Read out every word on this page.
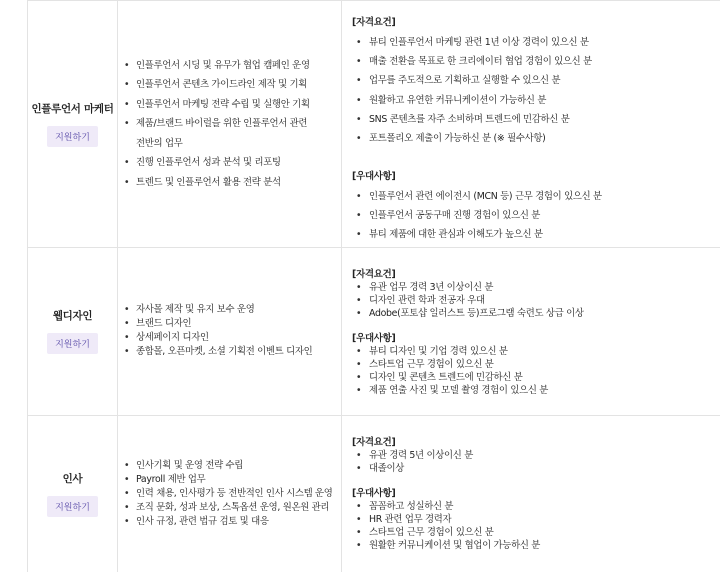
인플루언서 마케터
지원하기
• 인플루언서 시딩 및 유무가 협업 캠페인 운영
• 인플루언서 콘텐츠 가이드라인 제작 및 기획
• 인플루언서 마케팅 전략 수립 및 실행안 기획
• 제품/브랜드 바이럴을 위한 인플루언서 관련
전반의 업무
• 진행 인플루언서 성과 분석 및 리포팅
• 트렌드 및 인플루언서 활용 전략 분석
[자격요건]
• 뷰티 인플루언서 마케팅 관련 1년 이상 경력이 있으신 분
• 매출 전환을 목표로 한 크리에이터 협업 경험이 있으신 분
• 업무를 주도적으로 기획하고 실행할 수 있으신 분
• 원활하고 유연한 커뮤니케이션이 가능하신 분
• SNS 콘텐츠를 자주 소비하며 트렌드에 민감하신 분
• 포트폴리오 제출이 가능하신 분 (※ 필수사항)
[우대사항]
• 인플루언서 관련 에이전시 (MCN 등) 근무 경험이 있으신 분
• 인플루언서 공동구매 진행 경험이 있으신 분
• 뷰티 제품에 대한 관심과 이해도가 높으신 분
웹디자인
지원하기
• 자사몰 제작 및 유지 보수 운영
• 브랜드 디자인
• 상세페이지 디자인
• 종합몰, 오픈마켓, 소셜 기획전 이벤트 디자인
[자격요건]
• 유관 업무 경력 3년 이상이신 분
• 디자인 관련 학과 전공자 우대
• Adobe(포토샵 일러스트 등)프로그램 숙련도 상급 이상
[우대사항]
• 뷰티 디자인 및 기업 경력 있으신 분
• 스타트업 근무 경험이 있으신 분
• 디자인 및 콘텐츠 트렌드에 민감하신 분
• 제품 연출 사진 및 모델 촬영 경험이 있으신 분
인사
지원하기
• 인사기획 및 운영 전략 수립
• Payroll 제반 업무
• 인력 채용, 인사평가 등 전반적인 인사 시스템 운영
• 조직 문화, 성과 보상, 스톡옵션 운영, 원온원 관리
• 인사 규정, 관련 법규 검토 및 대응
[자격요건]
• 유관 경력 5년 이상이신 분
• 대졸이상
[우대사항]
• 꼼꼼하고 성실하신 분
• HR 관련 업무 경력자
• 스타트업 근무 경험이 있으신 분
• 원활한 커뮤니케이션 및 협업이 가능하신 분
